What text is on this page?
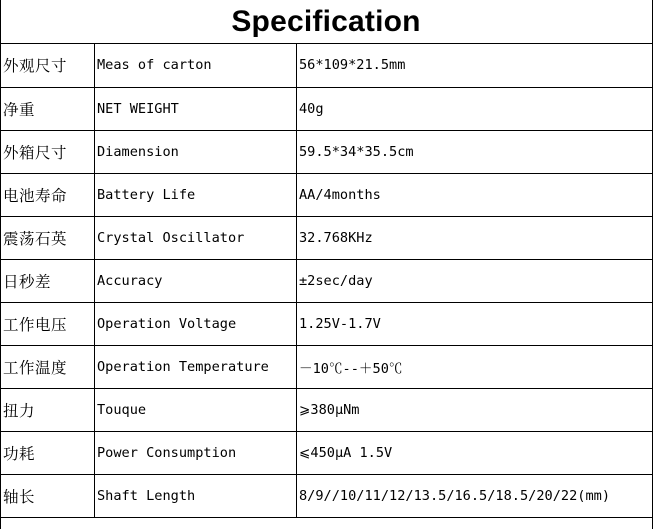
Specification
外观尺寸	Meas of carton	56*109*21.5mm
净重	NET WEIGHT	40g
外箱尺寸	Diamension	59.5*34*35.5cm
电池寿命	Battery Life	AA/4months
震荡石英	Crystal Oscillator	32.768KHz
日秒差	Accuracy	±2sec/day
工作电压	Operation Voltage	1.25V-1.7V
工作温度	Operation Temperature	－10℃--＋50℃
扭力	Touque	⩾380μNm
功耗	Power Consumption	⩽450μA 1.5V
轴长	Shaft Length	8/9//10/11/12/13.5/16.5/18.5/20/22(mm)
